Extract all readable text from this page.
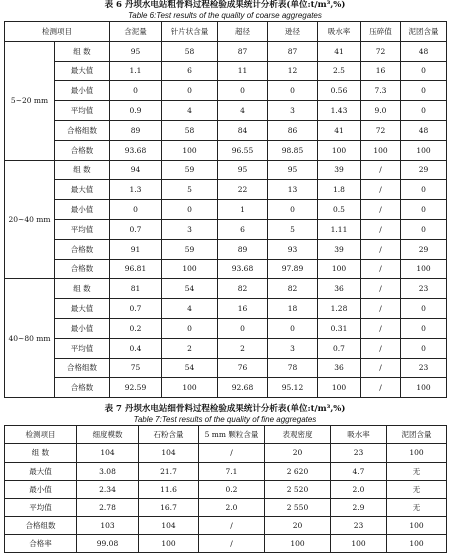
表 6 丹坝水电站粗骨料过程检验成果统计分析表(单位:t/m³,%)
Table 6:Test results of the quality of coarse aggregates
检测项目		含泥量	针片状含量	超径	逊径	吸水率	压碎值	泥团含量
5~20 mm	组 数	95	58	87	87	41	72	48
	最大值	1.1	6	11	12	2.5	16	0
	最小值	0	0	0	0	0.56	7.3	0
	平均值	0.9	4	4	3	1.43	9.0	0
	合格组数	89	58	84	86	41	72	48
	合格数	93.68	100	96.55	98.85	100	100	100
20~40 mm	组 数	94	59	95	95	39	/	29
	最大值	1.3	5	22	13	1.8	/	0
	最小值	0	0	1	0	0.5	/	0
	平均值	0.7	3	6	5	1.11	/	0
	合格数	91	59	89	93	39	/	29
	合格数	96.81	100	93.68	97.89	100	/	100
40~80 mm	组 数	81	54	82	82	36	/	23
	最大值	0.7	4	16	18	1.28	/	0
	最小值	0.2	0	0	0	0.31	/	0
	平均值	0.4	2	2	3	0.7	/	0
	合格组数	75	54	76	78	36	/	23
	合格数	92.59	100	92.68	95.12	100	/	100
表 7 丹坝水电站细骨料过程检验成果统计分析表(单位:t/m³,%)
Table 7:Test results of the quality of fine aggregates
检测项目	细度模数	石粉含量	5 mm 颗粒含量	表观密度	吸水率	泥团含量
组 数	104	104	/	20	23	100
最大值	3.08	21.7	7.1	2 620	4.7	无
最小值	2.34	11.6	0.2	2 520	2.0	无
平均值	2.78	16.7	2.0	2 550	2.9	无
合格组数	103	104	/	20	23	100
合格率	99.08	100	/	100	100	100
